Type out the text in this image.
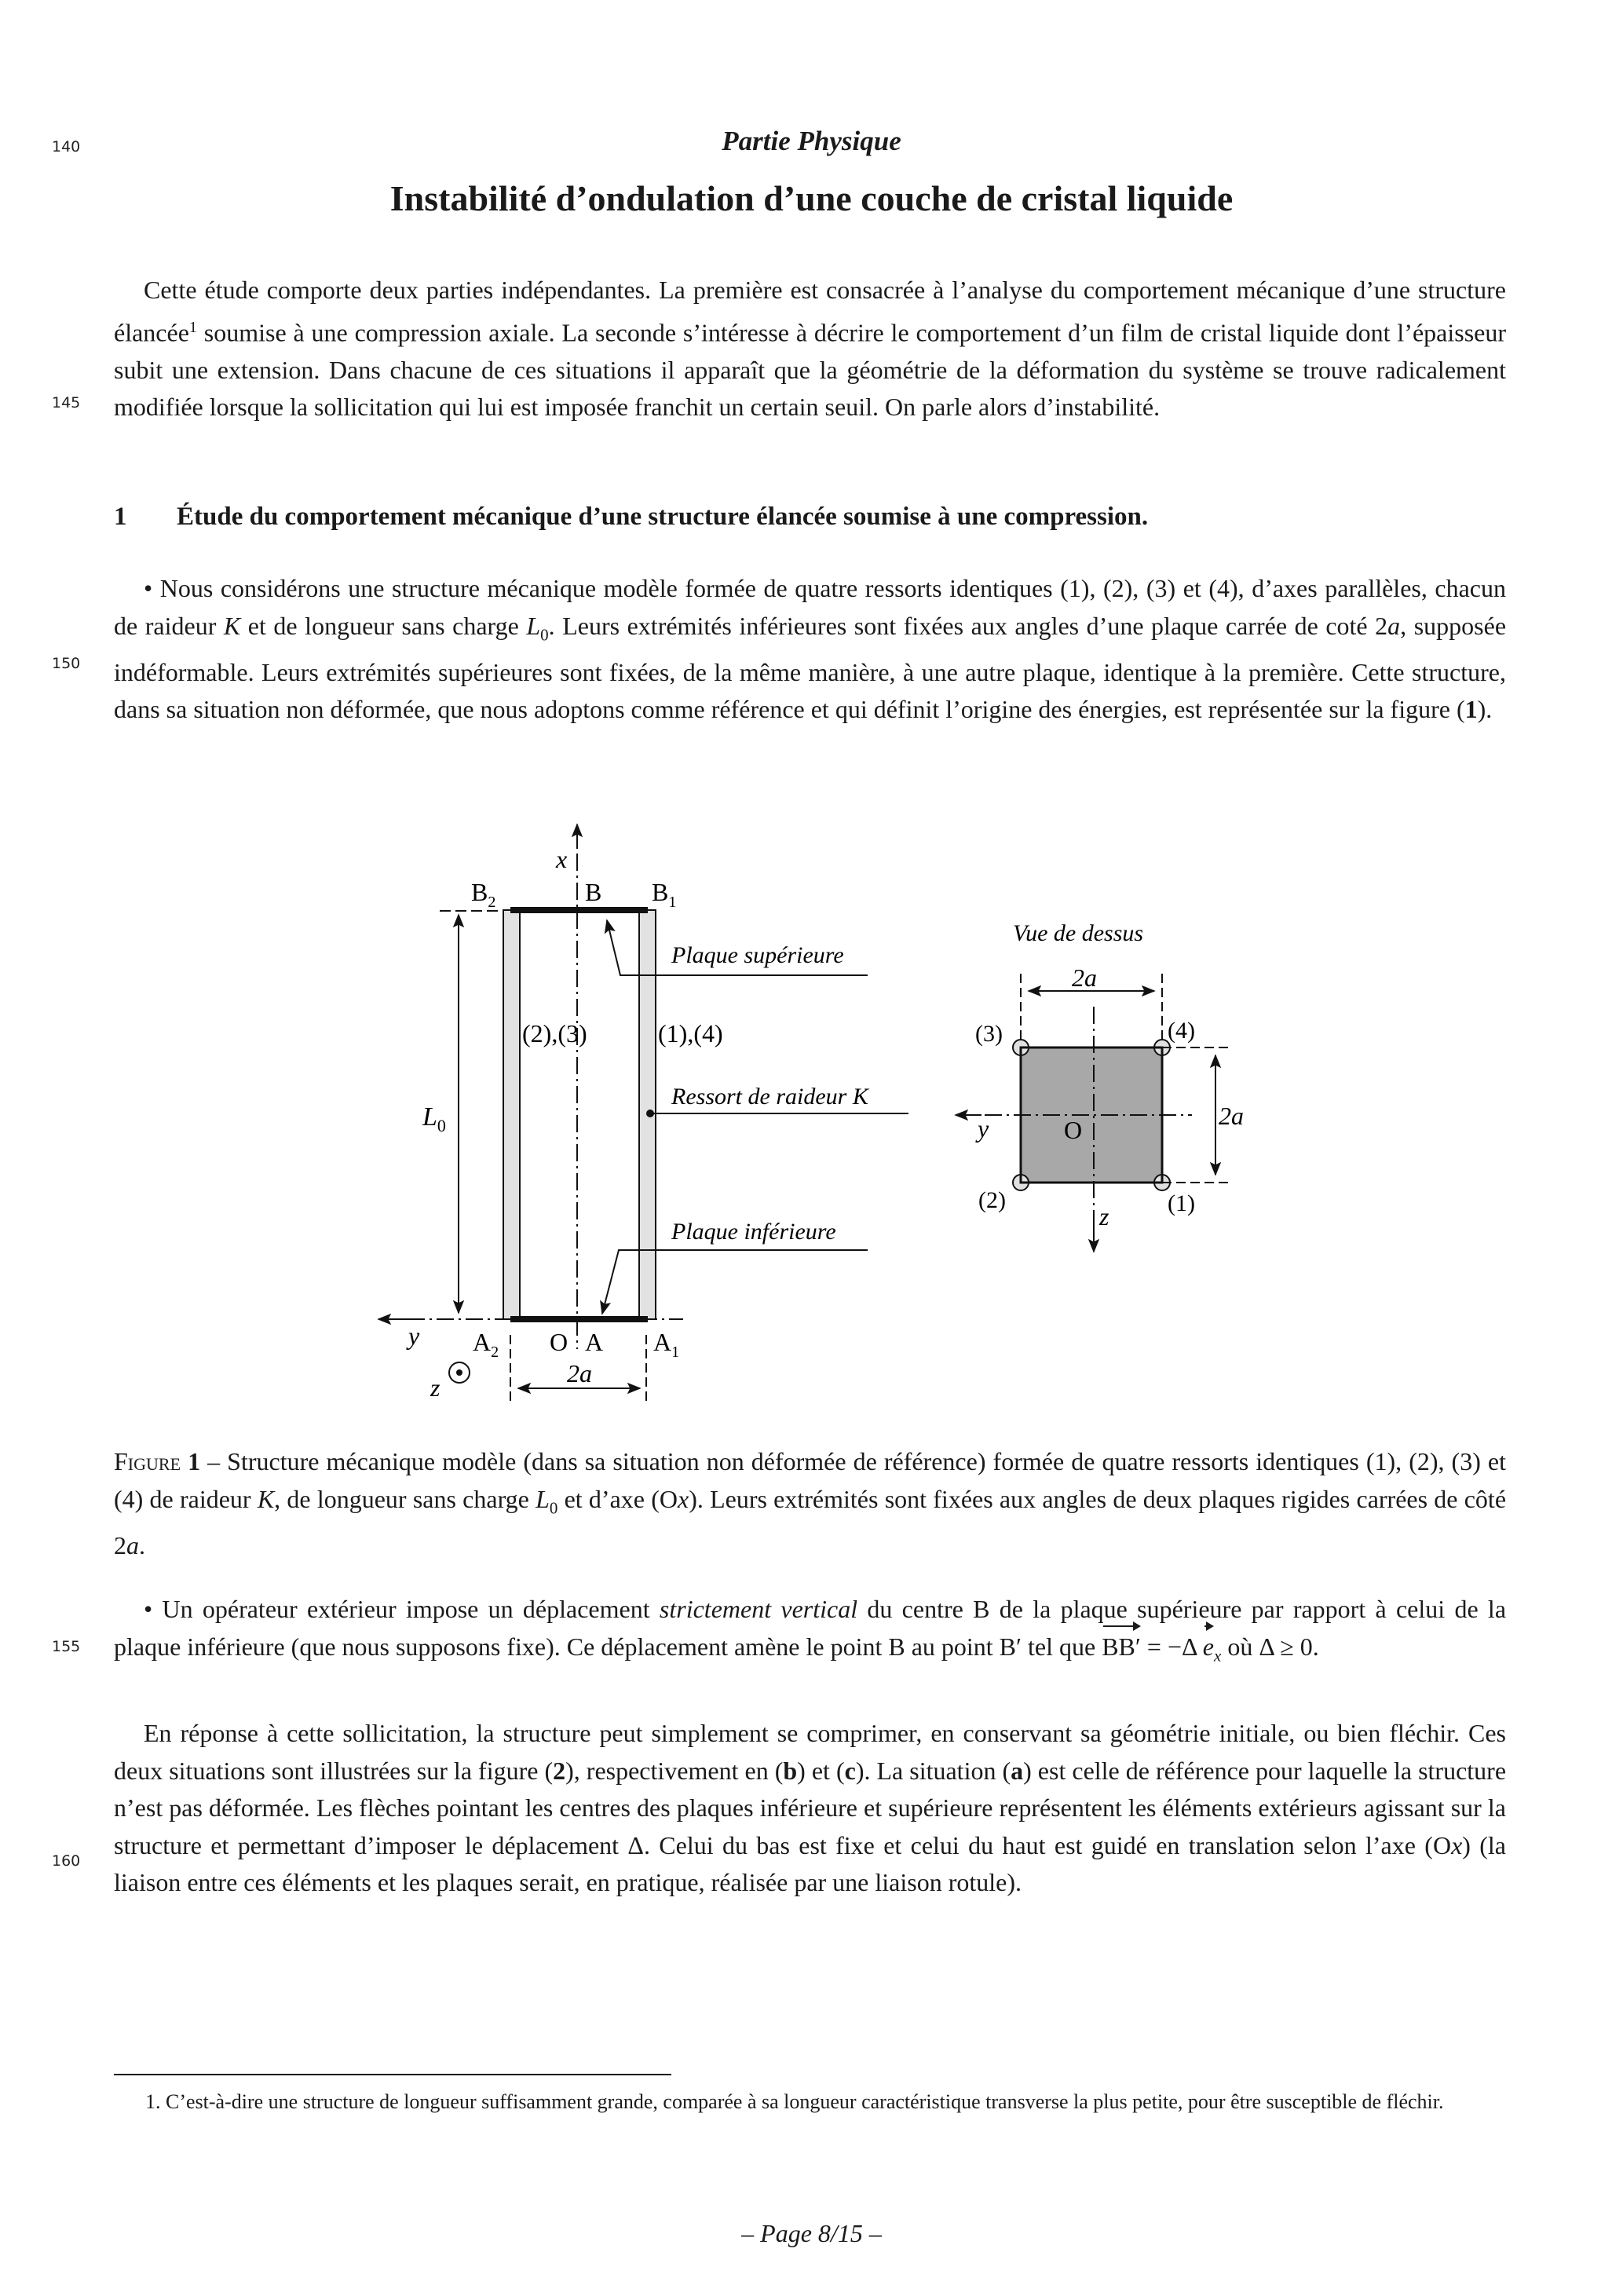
140
145
150
155
160
Partie Physique
Instabilité d’ondulation d’une couche de cristal liquide
Cette étude comporte deux parties indépendantes. La première est consacrée à l’analyse du comportement mécanique d’une structure élancée$^1$ soumise à une compression axiale. La seconde s’intéresse à décrire le comportement d’un film de cristal liquide dont l’épaisseur subit une extension. Dans chacune de ces situations il apparaît que la géométrie de la déformation du système se trouve radicalement modifiée lorsque la sollicitation qui lui est imposée franchit un certain seuil. On parle alors d’instabilité.
1 Étude du comportement mécanique d’une structure élancée soumise à une compression.
• Nous considérons une structure mécanique modèle formée de quatre ressorts identiques (1), (2), (3) et (4), d’axes parallèles, chacun de raideur K et de longueur sans charge $L_0$. Leurs extrémités inférieures sont fixées aux angles d’une plaque carrée de coté 2a, supposée indéformable. Leurs extrémités supérieures sont fixées, de la même manière, à une autre plaque, identique à la première. Cette structure, dans sa situation non déformée, que nous adoptons comme référence et qui définit l’origine des énergies, est représentée sur la figure (1).
x
$B_2$	B $B_1$
(2),(3)	(1),(4)
$L_0$
Plaque supérieure
Ressort de raideur K
Plaque inférieure
y $A_2$ O A $A_1$
z	2a
Vue de dessus
2a
2a
(3)	(4)
(2)	(1)
O
y
z
Figure 1 – Structure mécanique modèle (dans sa situation non déformée de référence) formée de quatre ressorts identiques (1), (2), (3) et (4) de raideur K, de longueur sans charge $L_0$ et d’axe (Ox). Leurs extrémités sont fixées aux angles de deux plaques rigides carrées de côté 2a.
• Un opérateur extérieur impose un déplacement strictement vertical du centre B de la plaque supérieure par rapport à celui de la plaque inférieure (que nous supposons fixe). Ce déplacement amène le point B au point B′ tel que BB′ = −Δ $e_x$ où Δ ≥ 0.
En réponse à cette sollicitation, la structure peut simplement se comprimer, en conservant sa géométrie initiale, ou bien fléchir. Ces deux situations sont illustrées sur la figure (2), respectivement en (b) et (c). La situation (a) est celle de référence pour laquelle la structure n’est pas déformée. Les flèches pointant les centres des plaques inférieure et supérieure représentent les éléments extérieurs agissant sur la structure et permettant d’imposer le déplacement Δ. Celui du bas est fixe et celui du haut est guidé en translation selon l’axe (Ox) (la liaison entre ces éléments et les plaques serait, en pratique, réalisée par une liaison rotule).
1. C’est-à-dire une structure de longueur suffisamment grande, comparée à sa longueur caractéristique transverse la plus petite, pour être susceptible de fléchir.
– Page 8/15 –
